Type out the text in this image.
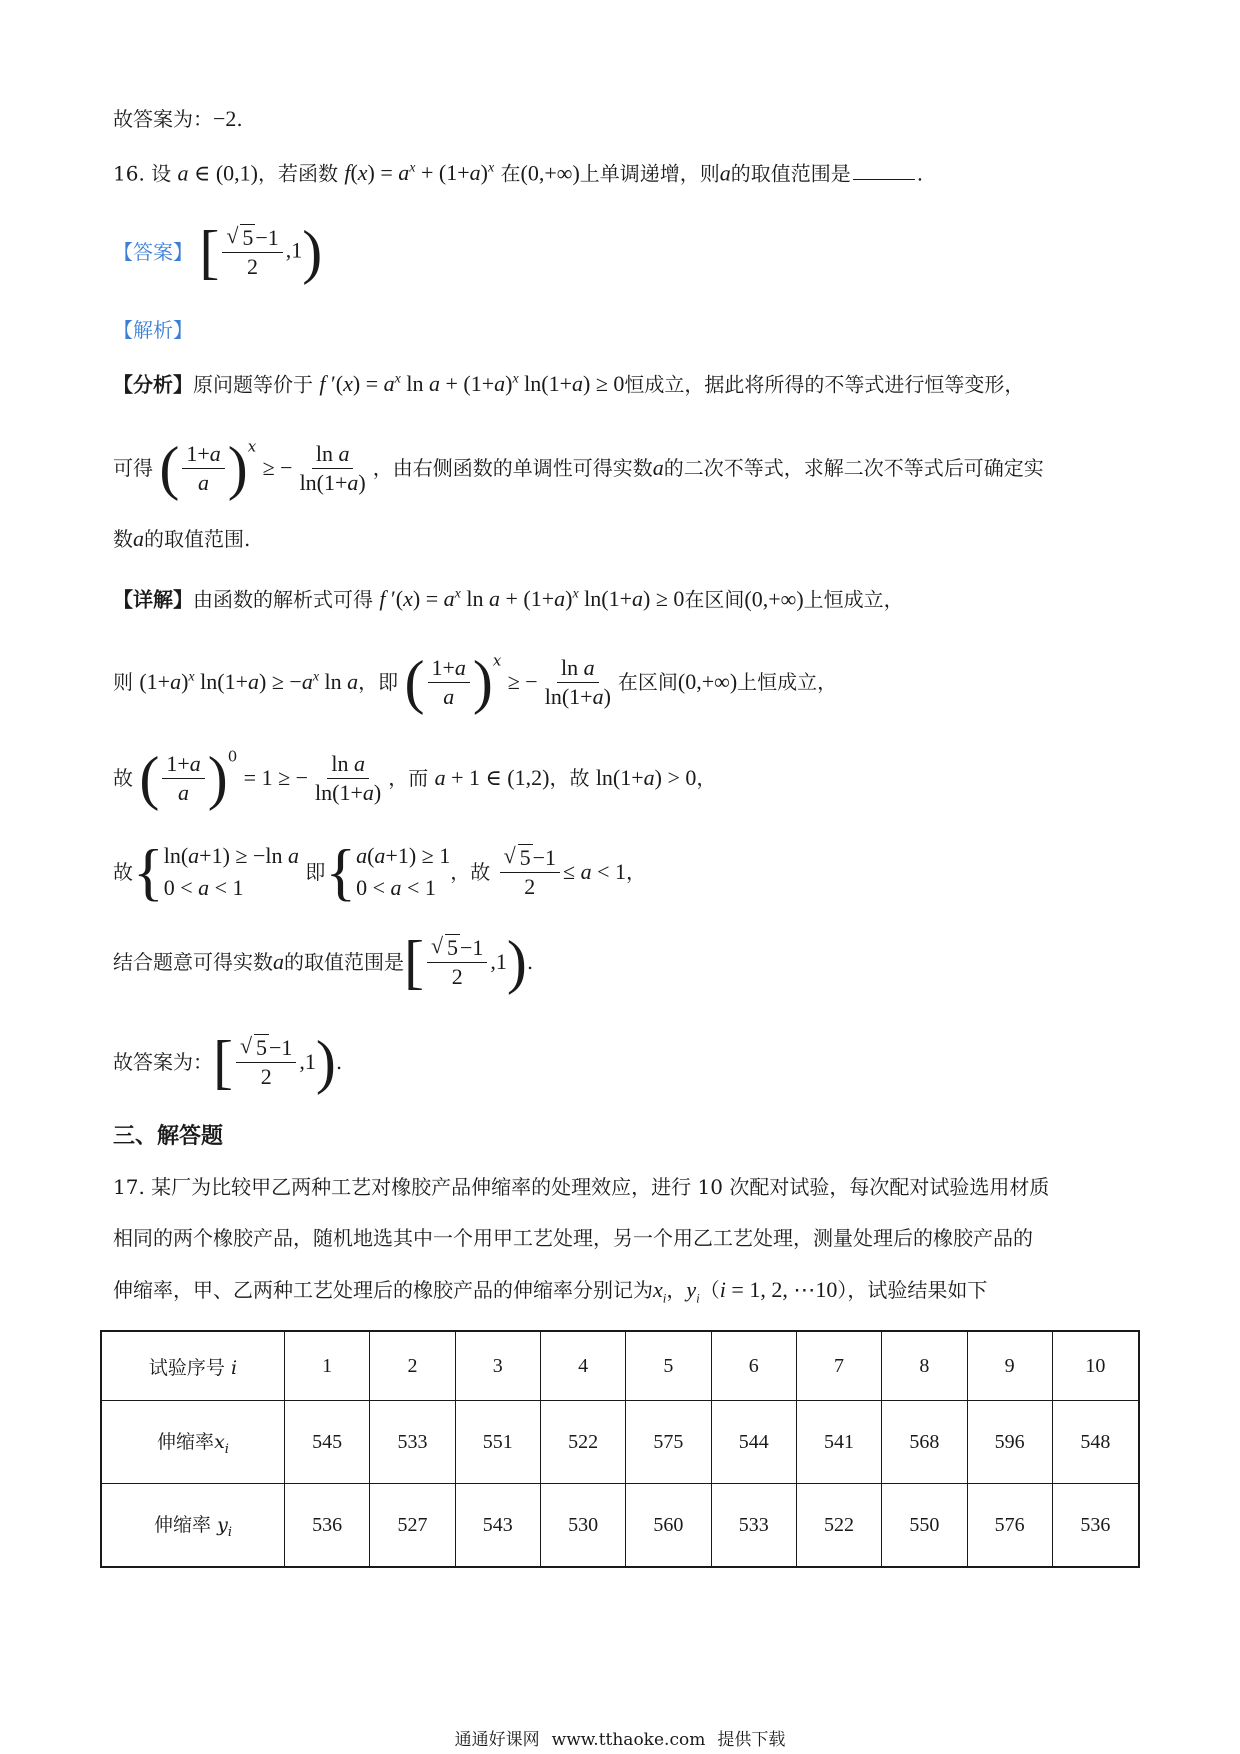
故答案为：−2.
16. 设 a ∈ (0,1)，若函数 $f(x) = a^x + (1+a)^x$ 在(0,+∞)上单调递增，则a的取值范围是	.
【答案】 [ √ $\frac{5-1}{2} ,1$)
【解析】
【分析】原问题等价于 f $'(x) = a^x$ $\ln a + (1+a)^x$ ln(1+a) ≥ 0恒成立，据此将所得的不等式进行恒等变形，
可得 ( $\frac{1+a}{a} )^x$ ≥ − $\frac{\text{ln a}}{\ln(1+a)}$ ，由右侧函数的单调性可得实数a的二次不等式，求解二次不等式后可确定实
数a的取值范围.
【详解】由函数的解析式可得 f $'(x) = a^x$ $\ln a + (1+a)^x$ ln(1+a) ≥ 0在区间(0,+∞)上恒成立，
则 $(1+a)^x$ $\ln(1+a) \ge -a^x$ ln a，即 ( $\frac{1+a}{a} )^x$ ≥ − $\frac{\text{ln a}}{\ln(1+a)}$ 在区间(0,+∞)上恒成立，
故 ( $\frac{1+a}{a} )^0 = 1$ ≥ − $\frac{\text{ln a}}{\ln(1+a)}$ ，而 a + 1 ∈ (1,2)，故 ln(1+a) > 0，
故{ ln(a+1) ≥ −ln a
0 < a < 1
即{ a(a+1) ≥ 1
0 < a < 1
，故 √ $\frac{5-1}{2} \le a < 1$，
结合题意可得实数a的取值范围是[ √ $\frac{5-1}{2} ,1$).
故答案为：[ √ $\frac{5-1}{2} ,1$).
三、解答题
17. 某厂为比较甲乙两种工艺对橡胶产品伸缩率的处理效应，进行 10 次配对试验，每次配对试验选用材质
相同的两个橡胶产品，随机地选其中一个用甲工艺处理，另一个用乙工艺处理，测量处理后的橡胶产品的
伸缩率，甲、乙两种工艺处理后的橡胶产品的伸缩率分别记为$x_i$，$y_i(i = 1$, 2, ⋯10），试验结果如下
试验序号 i	1	2	3	4	5	6	7	8	9	10
伸缩率$x_i$	545	533	551	522	575	544	541	568	596	548
伸缩率 $y_i$	536	527	543	530	560	533	522	550	576	536
通通好课网 www.tthaoke.com 提供下载
